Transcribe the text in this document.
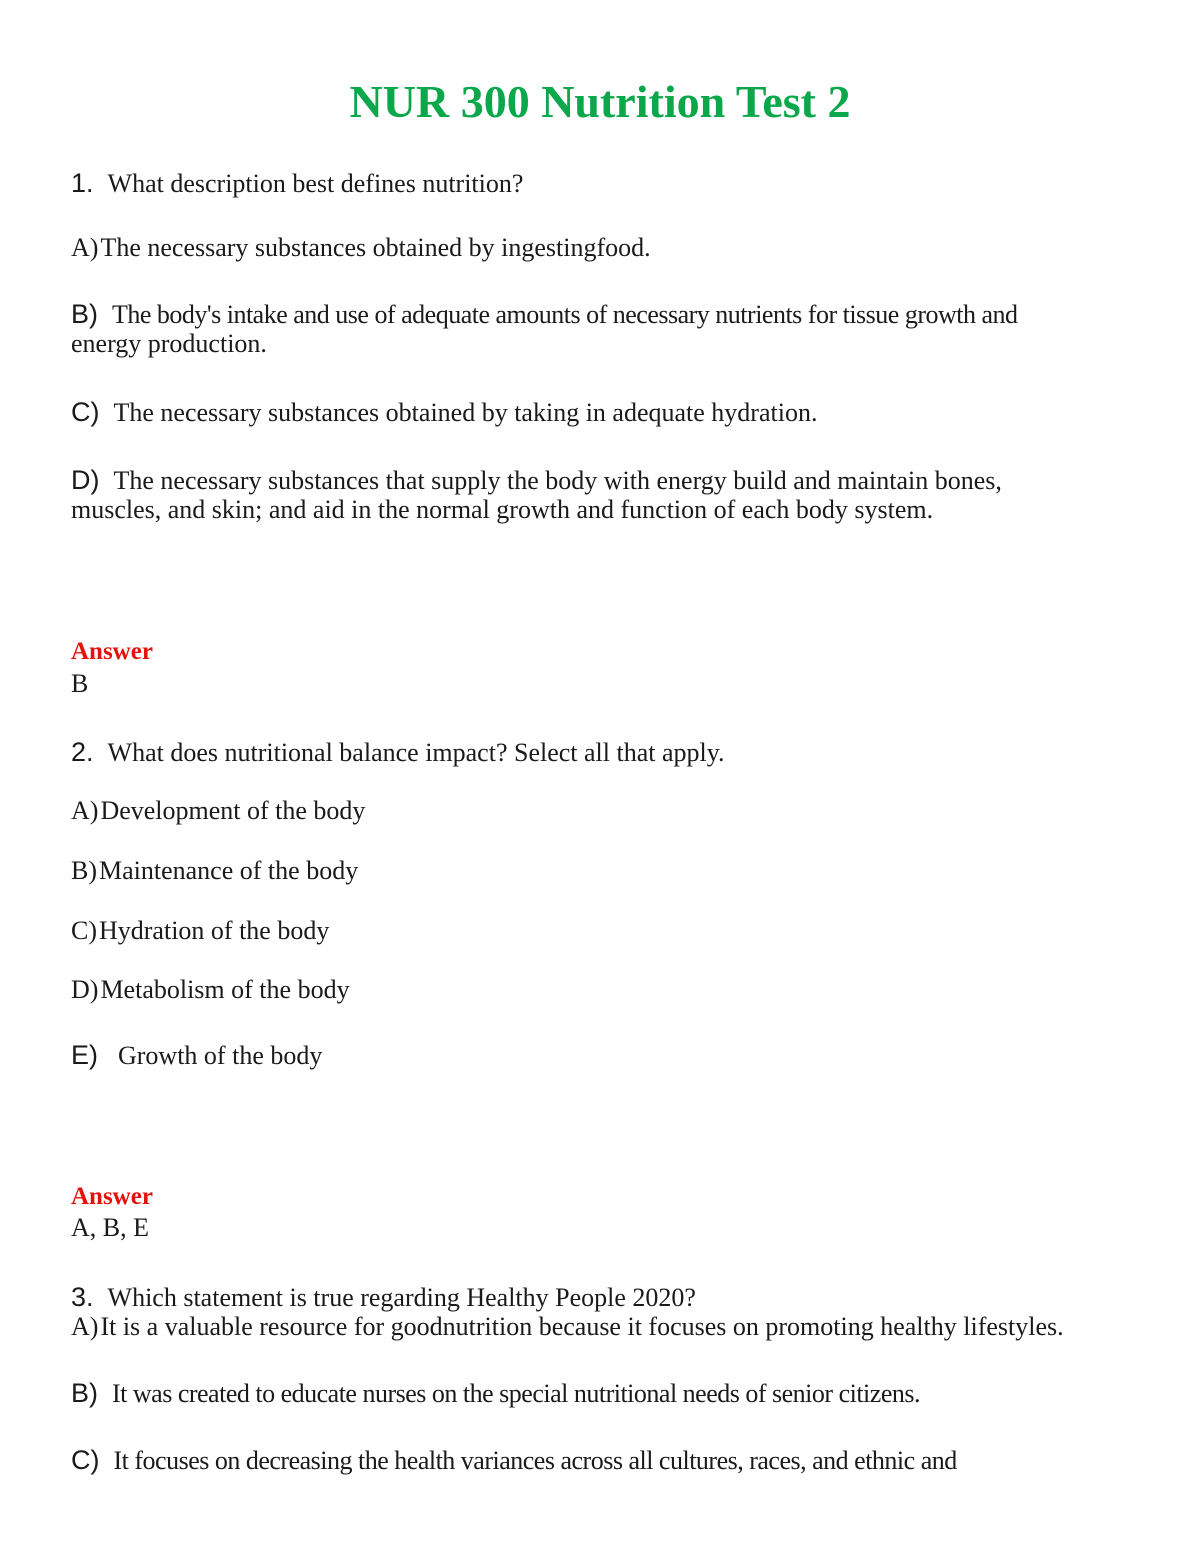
NUR 300 Nutrition Test 2
1. What description best defines nutrition?
A)The necessary substances obtained by ingestingfood.
B) The body's intake and use of adequate amounts of necessary nutrients for tissue growth and
energy production.
C) The necessary substances obtained by taking in adequate hydration.
D) The necessary substances that supply the body with energy build and maintain bones,
muscles, and skin; and aid in the normal growth and function of each body system.
Answer
B
2. What does nutritional balance impact? Select all that apply.
A)Development of the body
B)Maintenance of the body
C)Hydration of the body
D)Metabolism of the body
E) Growth of the body
Answer
A, B, E
3. Which statement is true regarding Healthy People 2020?
A)It is a valuable resource for goodnutrition because it focuses on promoting healthy lifestyles.
B) It was created to educate nurses on the special nutritional needs of senior citizens.
C) It focuses on decreasing the health variances across all cultures, races, and ethnic and
